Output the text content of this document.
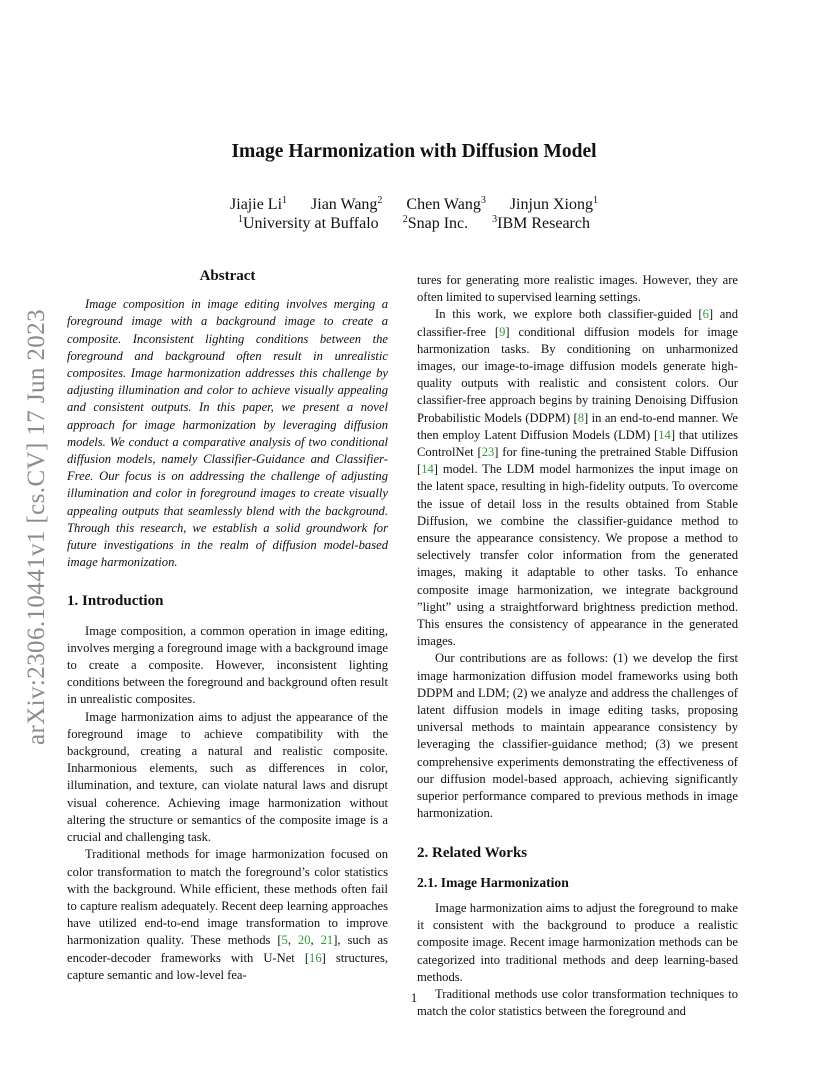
Image Harmonization with Diffusion Model
Jiajie Li$^1$ Jian Wang$^2$ Chen Wang$^3$ Jinjun Xiong$^1$
$^1$University at Buffalo $^2$Snap Inc. $^3$IBM Research
arXiv:2306.10441v1 [cs.CV] 17 Jun 2023
Abstract

Image composition in image editing involves merging a foreground image with a background image to create a composite. Inconsistent lighting conditions between the foreground and background often result in unrealistic composites. Image harmonization addresses this challenge by adjusting illumination and color to achieve visually appealing and consistent outputs. In this paper, we present a novel approach for image harmonization by leveraging diffusion models. We conduct a comparative analysis of two conditional diffusion models, namely Classifier-Guidance and Classifier-Free. Our focus is on addressing the challenge of adjusting illumination and color in foreground images to create visually appealing outputs that seamlessly blend with the background. Through this research, we establish a solid groundwork for future investigations in the realm of diffusion model-based image harmonization.

1. Introduction

Image composition, a common operation in image editing, involves merging a foreground image with a background image to create a composite. However, inconsistent lighting conditions between the foreground and background often result in unrealistic composites.

Image harmonization aims to adjust the appearance of the foreground image to achieve compatibility with the background, creating a natural and realistic composite. Inharmonious elements, such as differences in color, illumination, and texture, can violate natural laws and disrupt visual coherence. Achieving image harmonization without altering the structure or semantics of the composite image is a crucial and challenging task.

Traditional methods for image harmonization focused on color transformation to match the foreground’s color statistics with the background. While efficient, these methods often fail to capture realism adequately. Recent deep learning approaches have utilized end-to-end image transformation to improve harmonization quality. These methods [5, 20, 21], such as encoder-decoder frameworks with U-Net [16] structures, capture semantic and low-level fea-

tures for generating more realistic images. However, they are often limited to supervised learning settings.

In this work, we explore both classifier-guided [6] and classifier-free [9] conditional diffusion models for image harmonization tasks. By conditioning on unharmonized images, our image-to-image diffusion models generate high-quality outputs with realistic and consistent colors. Our classifier-free approach begins by training Denoising Diffusion Probabilistic Models (DDPM) [8] in an end-to-end manner. We then employ Latent Diffusion Models (LDM) [14] that utilizes ControlNet [23] for fine-tuning the pretrained Stable Diffusion [14] model. The LDM model harmonizes the input image on the latent space, resulting in high-fidelity outputs. To overcome the issue of detail loss in the results obtained from Stable Diffusion, we combine the classifier-guidance method to ensure the appearance consistency. We propose a method to selectively transfer color information from the generated images, making it adaptable to other tasks. To enhance composite image harmonization, we integrate background ”light” using a straightforward brightness prediction method. This ensures the consistency of appearance in the generated images.

Our contributions are as follows: (1) we develop the first image harmonization diffusion model frameworks using both DDPM and LDM; (2) we analyze and address the challenges of latent diffusion models in image editing tasks, proposing universal methods to maintain appearance consistency by leveraging the classifier-guidance method; (3) we present comprehensive experiments demonstrating the effectiveness of our diffusion model-based approach, achieving significantly superior performance compared to previous methods in image harmonization.

2. Related Works
2.1. Image Harmonization

Image harmonization aims to adjust the foreground to make it consistent with the background to produce a realistic composite image. Recent image harmonization methods can be categorized into traditional methods and deep learning-based methods.

Traditional methods use color transformation techniques to match the color statistics between the foreground and

1
